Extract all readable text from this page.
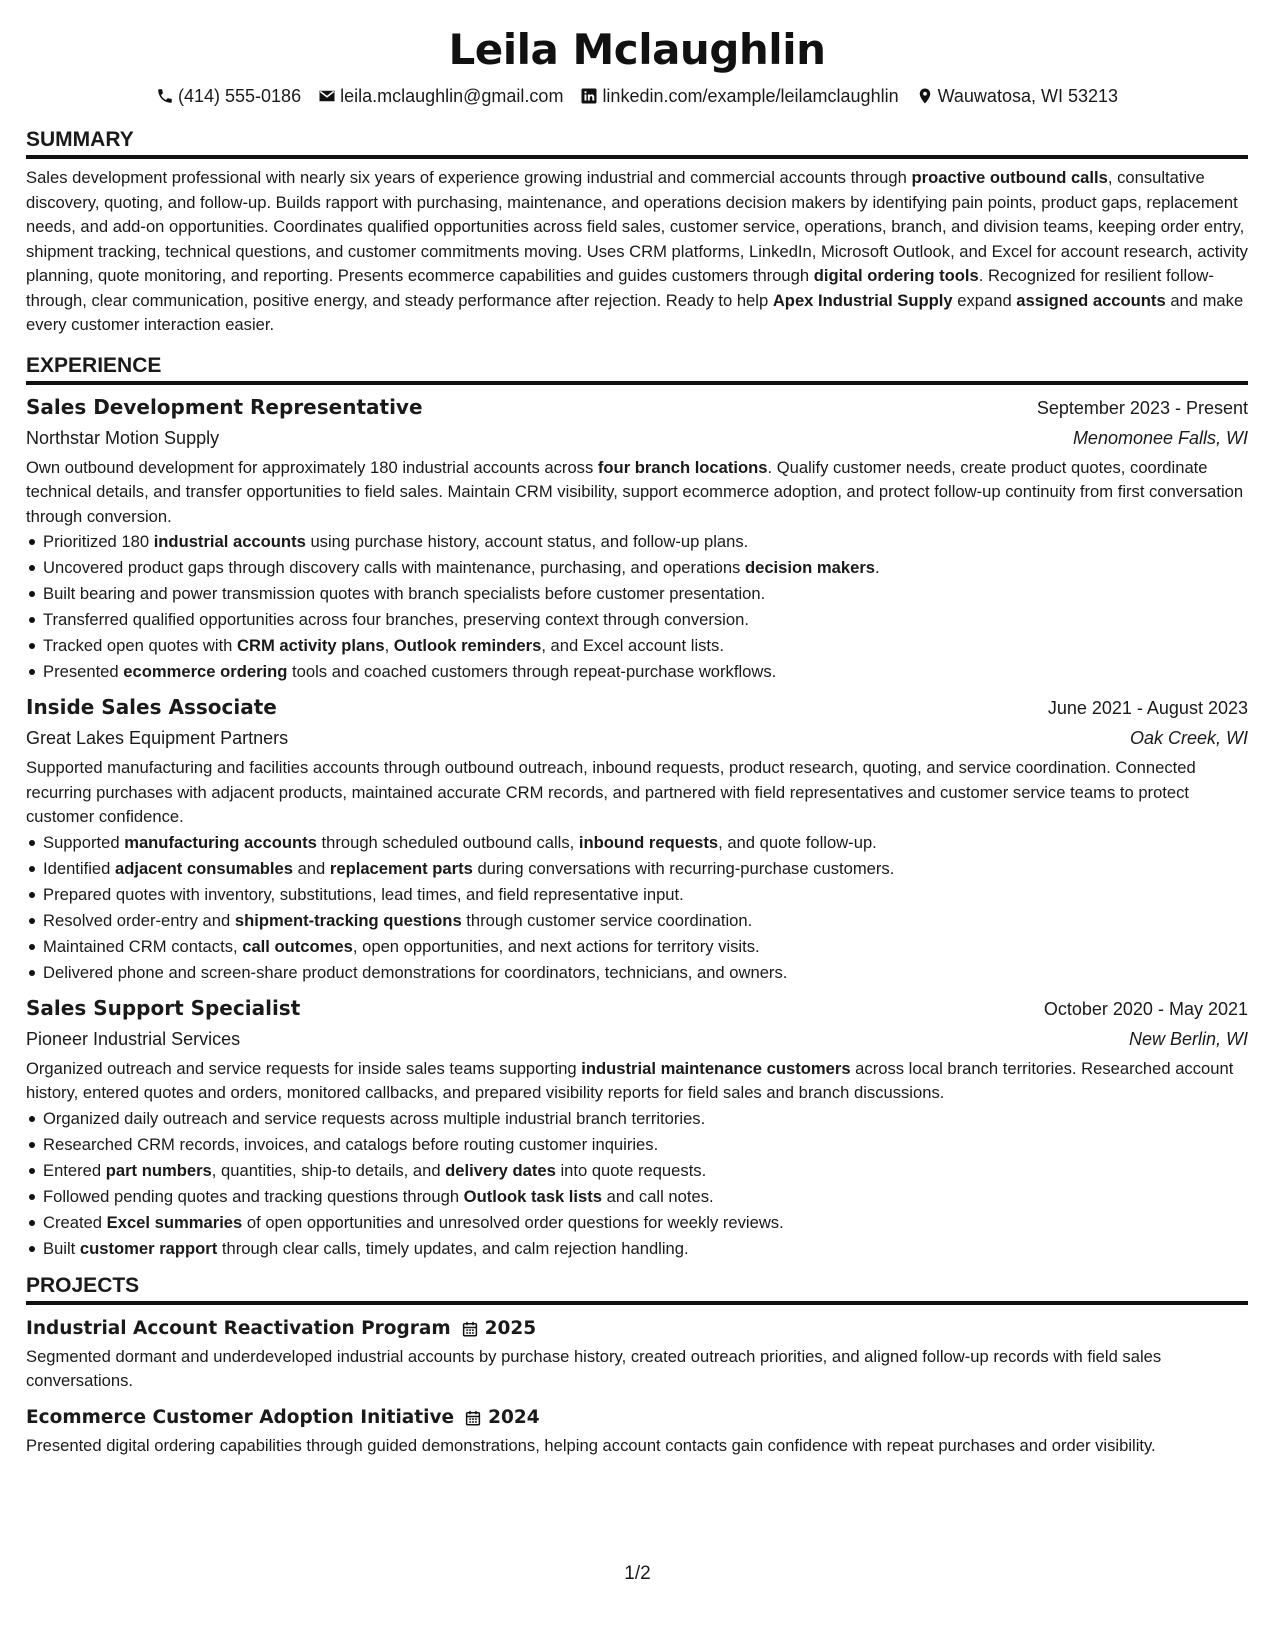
Leila Mclaughlin
(414) 555-0186 leila.mclaughlin@gmail.com linkedin.com/example/leilamclaughlin Wauwatosa, WI 53213
SUMMARY

Sales development professional with nearly six years of experience growing industrial and commercial accounts through proactive outbound calls, consultative discovery, quoting, and follow-up. Builds rapport with purchasing, maintenance, and operations decision makers by identifying pain points, product gaps, replacement needs, and add-on opportunities. Coordinates qualified opportunities across field sales, customer service, operations, branch, and division teams, keeping order entry, shipment tracking, technical questions, and customer commitments moving. Uses CRM platforms, LinkedIn, Microsoft Outlook, and Excel for account research, activity planning, quote monitoring, and reporting. Presents ecommerce capabilities and guides customers through digital ordering tools. Recognized for resilient follow-through, clear communication, positive energy, and steady performance after rejection. Ready to help Apex Industrial Supply expand assigned accounts and make every customer interaction easier.

EXPERIENCE
Sales Development Representative	September 2023 - Present
Northstar Motion Supply	Menomonee Falls, WI

Own outbound development for approximately 180 industrial accounts across four branch locations. Qualify customer needs, create product quotes, coordinate technical details, and transfer opportunities to field sales. Maintain CRM visibility, support ecommerce adoption, and protect follow-up continuity from first conversation through conversion.

Prioritized 180 industrial accounts using purchase history, account status, and follow-up plans.
Uncovered product gaps through discovery calls with maintenance, purchasing, and operations decision makers.
Built bearing and power transmission quotes with branch specialists before customer presentation.
Transferred qualified opportunities across four branches, preserving context through conversion.
Tracked open quotes with CRM activity plans, Outlook reminders, and Excel account lists.
Presented ecommerce ordering tools and coached customers through repeat-purchase workflows.
Inside Sales Associate	June 2021 - August 2023
Great Lakes Equipment Partners	Oak Creek, WI

Supported manufacturing and facilities accounts through outbound outreach, inbound requests, product research, quoting, and service coordination. Connected recurring purchases with adjacent products, maintained accurate CRM records, and partnered with field representatives and customer service teams to protect customer confidence.

Supported manufacturing accounts through scheduled outbound calls, inbound requests, and quote follow-up.
Identified adjacent consumables and replacement parts during conversations with recurring-purchase customers.
Prepared quotes with inventory, substitutions, lead times, and field representative input.
Resolved order-entry and shipment-tracking questions through customer service coordination.
Maintained CRM contacts, call outcomes, open opportunities, and next actions for territory visits.
Delivered phone and screen-share product demonstrations for coordinators, technicians, and owners.
Sales Support Specialist	October 2020 - May 2021
Pioneer Industrial Services	New Berlin, WI

Organized outreach and service requests for inside sales teams supporting industrial maintenance customers across local branch territories. Researched account history, entered quotes and orders, monitored callbacks, and prepared visibility reports for field sales and branch discussions.

Organized daily outreach and service requests across multiple industrial branch territories.
Researched CRM records, invoices, and catalogs before routing customer inquiries.
Entered part numbers, quantities, ship-to details, and delivery dates into quote requests.
Followed pending quotes and tracking questions through Outlook task lists and call notes.
Created Excel summaries of open opportunities and unresolved order questions for weekly reviews.
Built customer rapport through clear calls, timely updates, and calm rejection handling.
PROJECTS
Industrial Account Reactivation Program 2025

Segmented dormant and underdeveloped industrial accounts by purchase history, created outreach priorities, and aligned follow-up records with field sales conversations.

Ecommerce Customer Adoption Initiative 2024

Presented digital ordering capabilities through guided demonstrations, helping account contacts gain confidence with repeat purchases and order visibility.

1/2
